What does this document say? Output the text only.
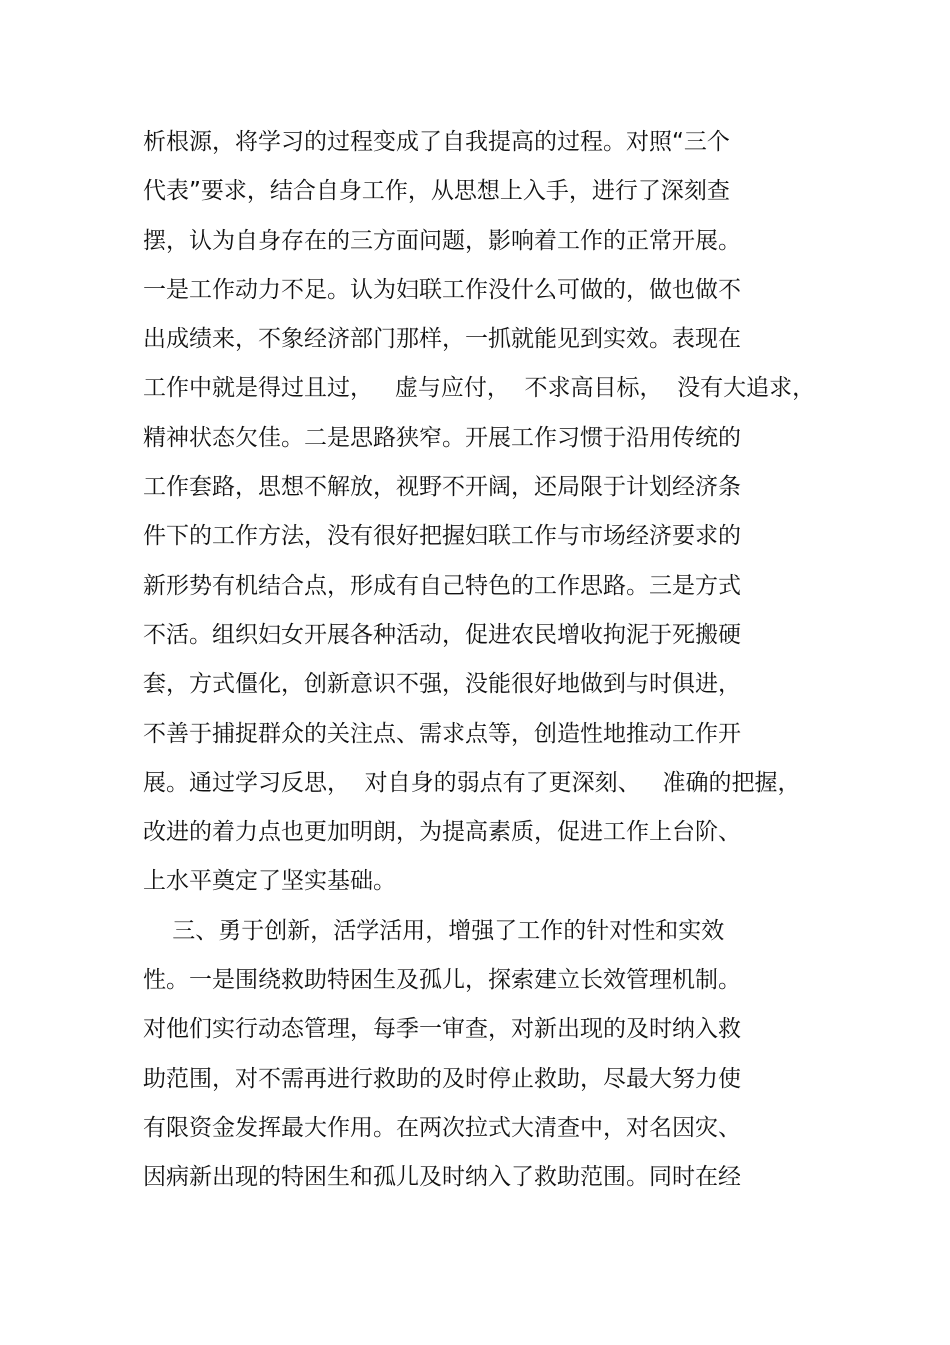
析根源，将学习的过程变成了自我提高的过程。对照“三个

代表”要求，结合自身工作，从思想上入手，进行了深刻查

摆，认为自身存在的三方面问题，影响着工作的正常开展。

一是工作动力不足。认为妇联工作没什么可做的，做也做不

出成绩来，不象经济部门那样，一抓就能见到实效。表现在

工作中就是得过且过，   虚与应付，  不求高目标，  没有大追求，

精神状态欠佳。二是思路狭窄。开展工作习惯于沿用传统的

工作套路，思想不解放，视野不开阔，还局限于计划经济条

件下的工作方法，没有很好把握妇联工作与市场经济要求的

新形势有机结合点，形成有自己特色的工作思路。三是方式

不活。组织妇女开展各种活动，促进农民增收拘泥于死搬硬

套，方式僵化，创新意识不强，没能很好地做到与时俱进，

不善于捕捉群众的关注点、需求点等，创造性地推动工作开

展。通过学习反思，  对自身的弱点有了更深刻、   准确的把握，

改进的着力点也更加明朗，为提高素质，促进工作上台阶、

上水平奠定了坚实基础。

三、勇于创新，活学活用，增强了工作的针对性和实效

性。一是围绕救助特困生及孤儿，探索建立长效管理机制。

对他们实行动态管理，每季一审查，对新出现的及时纳入救

助范围，对不需再进行救助的及时停止救助，尽最大努力使

有限资金发挥最大作用。在两次拉式大清查中，对名因灾、

因病新出现的特困生和孤儿及时纳入了救助范围。同时在经
